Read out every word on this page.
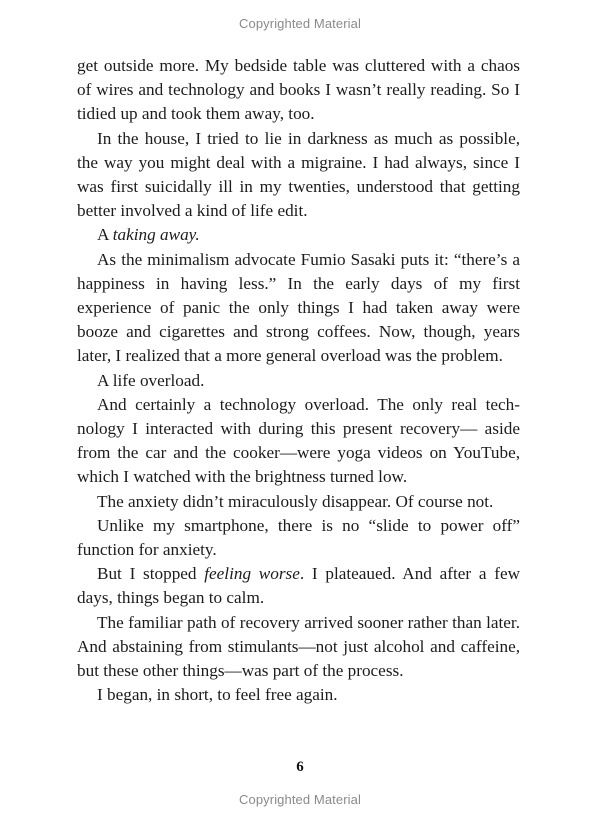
Copyrighted Material

get outside more. My bedside table was cluttered with a chaos of wires and technology and books I wasn’t really reading. So I tidied up and took them away, too.

In the house, I tried to lie in darkness as much as possible, the way you might deal with a migraine. I had always, since I was first suicidally ill in my twenties, understood that getting better involved a kind of life edit.

A taking away.

As the minimalism advocate Fumio Sasaki puts it: “there’s a happiness in having less.” In the early days of my first experience of panic the only things I had taken away were booze and cigarettes and strong coffees. Now, though, years later, I realized that a more general overload was the problem.

A life overload.

And certainly a technology overload. The only real technology I interacted with during this present recovery— aside from the car and the cooker—were yoga videos on YouTube, which I watched with the brightness turned low.

The anxiety didn’t miraculously disappear. Of course not.

Unlike my smartphone, there is no “slide to power off” function for anxiety.

But I stopped feeling worse. I plateaued. And after a few days, things began to calm.

The familiar path of recovery arrived sooner rather than later. And abstaining from stimulants—not just alcohol and caffeine, but these other things—was part of the process.

I began, in short, to feel free again.

6
Copyrighted Material
